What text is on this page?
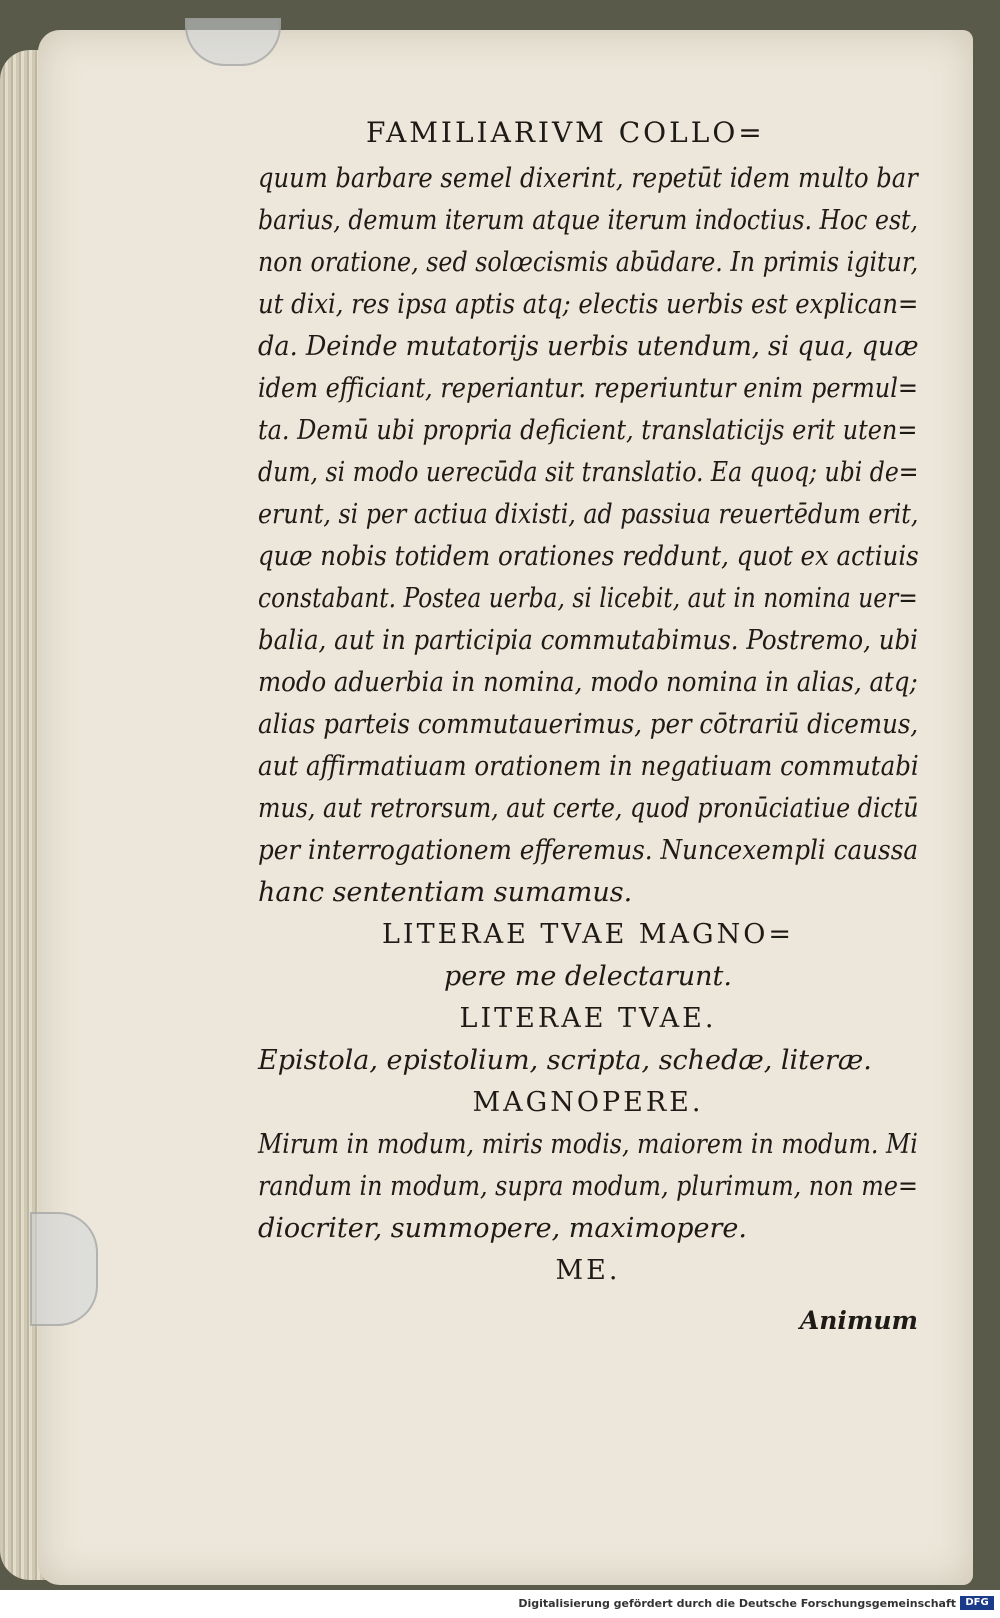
FAMILIARIVM COLLO=
quum barbare semel dixerint, repetūt idem multo bar
barius, demum iterum atque iterum indoctius. Hoc est,
non oratione, sed solœcismis abūdare. In primis igitur,
ut dixi, res ipsa aptis atq; electis uerbis est explican=
da. Deinde mutatorijs uerbis utendum, si qua, quæ
idem efficiant, reperiantur. reperiuntur enim permul=
ta. Demū ubi propria deficient, translaticijs erit uten=
dum, si modo uerecūda sit translatio. Ea quoq; ubi de=
erunt, si per actiua dixisti, ad passiua reuertēdum erit,
quæ nobis totidem orationes reddunt, quot ex actiuis
constabant. Postea uerba, si licebit, aut in nomina uer=
balia, aut in participia commutabimus. Postremo, ubi
modo aduerbia in nomina, modo nomina in alias, atq;
alias parteis commutauerimus, per cōtrariū dicemus,
aut affirmatiuam orationem in negatiuam commutabi
mus, aut retrorsum, aut certe, quod pronūciatiue dictū
per interrogationem efferemus. Nuncexempli caussa
hanc sententiam sumamus.
LITERAE TVAE MAGNO=
pere me delectarunt.
LITERAE TVAE.
Epistola, epistolium, scripta, schedæ, literæ.
MAGNOPERE.
Mirum in modum, miris modis, maiorem in modum. Mi
randum in modum, supra modum, plurimum, non me=
diocriter, summopere, maximopere.
ME.
Animum
Digitalisierung gefördert durch die Deutsche Forschungsgemeinschaft DFG
